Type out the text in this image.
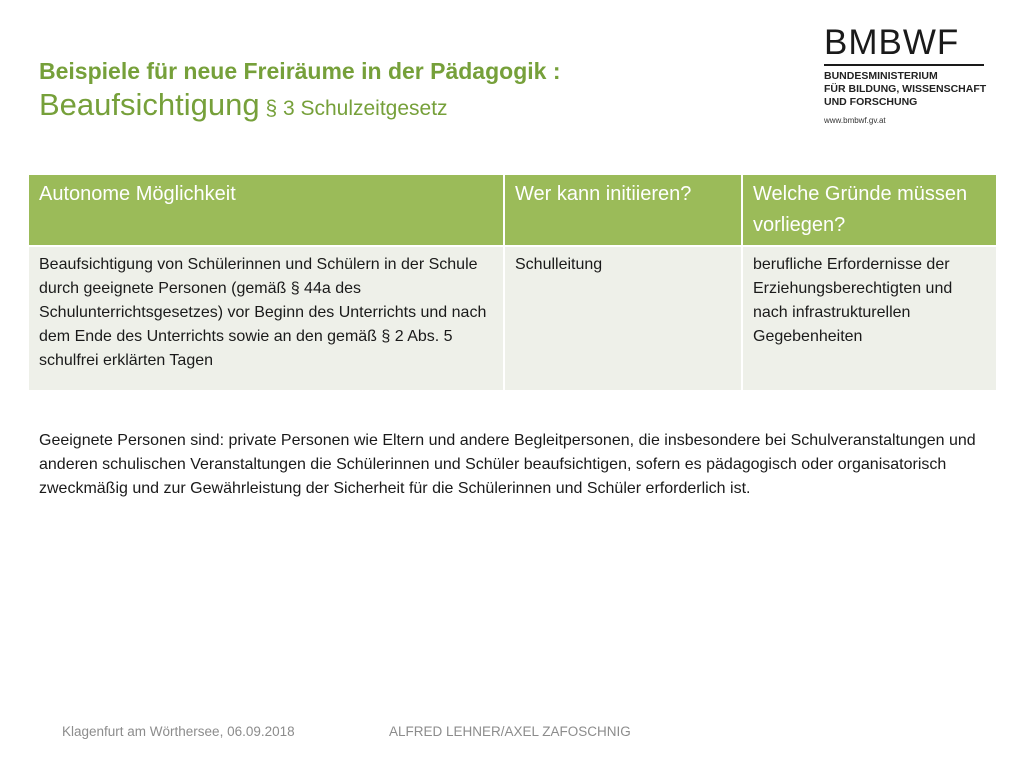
Beispiele für neue Freiräume in der Pädagogik :
Beaufsichtigung § 3 Schulzeitgesetz
BMBWF
BUNDESMINISTERIUM
FÜR BILDUNG, WISSENSCHAFT
UND FORSCHUNG
www.bmbwf.gv.at
Autonome Möglichkeit	Wer kann initiieren?	Welche Gründe müssen vorliegen?
Beaufsichtigung von Schülerinnen und Schülern in der Schule durch geeignete Personen (gemäß § 44a des Schulunterrichtsgesetzes) vor Beginn des Unterrichts und nach dem Ende des Unterrichts sowie an den gemäß § 2 Abs. 5 schulfrei erklärten Tagen	Schulleitung	berufliche Erfordernisse der Erziehungsberechtigten und nach infrastrukturellen Gegebenheiten
Geeignete Personen sind: private Personen wie Eltern und andere Begleitpersonen, die insbesondere bei Schulveranstaltungen und anderen schulischen Veranstaltungen die Schülerinnen und Schüler beaufsichtigen, sofern es pädagogisch oder organisatorisch zweckmäßig und zur Gewährleistung der Sicherheit für die Schülerinnen und Schüler erforderlich ist.
Klagenfurt am Wörthersee, 06.09.2018	ALFRED LEHNER/AXEL ZAFOSCHNIG
